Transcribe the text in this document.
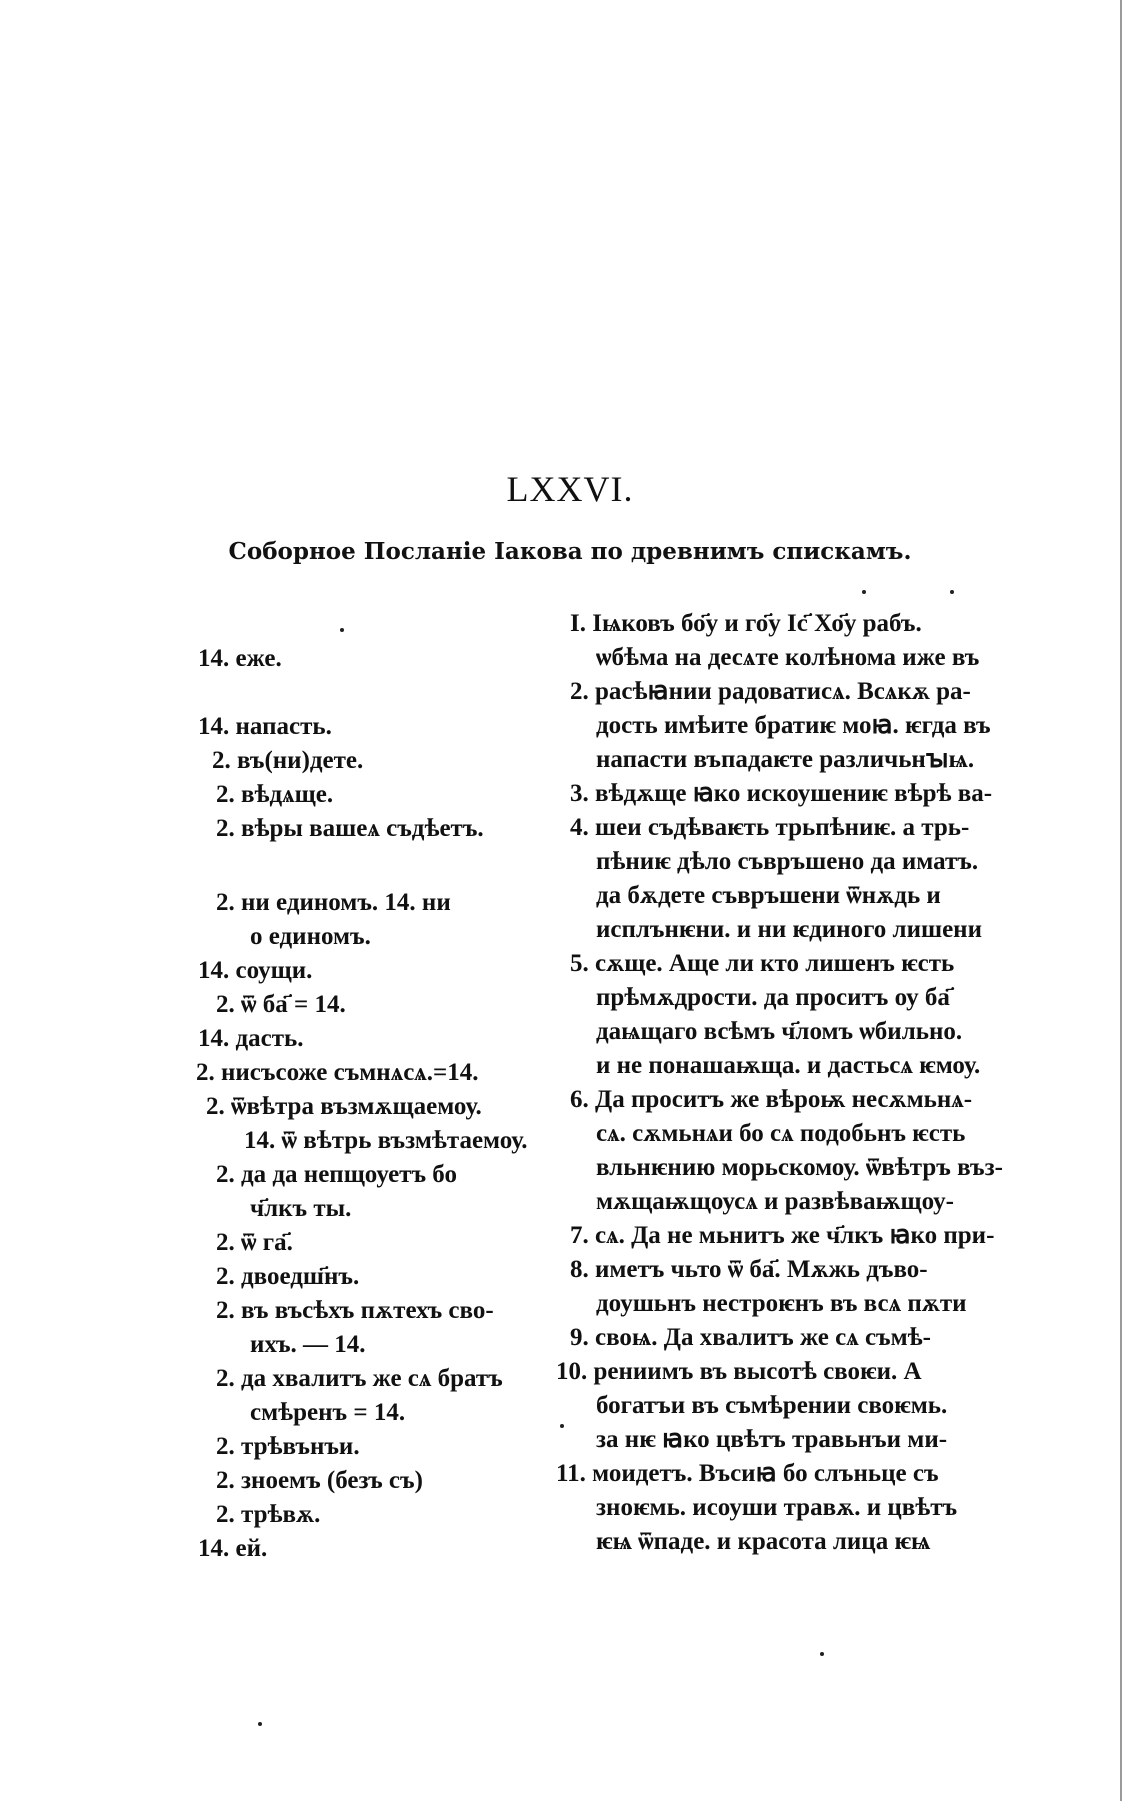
LXXVI.
Соборное Посланіе Іакова по древнимъ спискамъ.
14. еже.
14. напасть.
2. въ(ни)дете.
2. вѣдѧще.
2. вѣры вашеѧ съдѣетъ.
2. ни единомъ. 14. ни
о единомъ.
14. соущи.
2. ѿ ба҃ = 14.
14. дасть.
2. нисъсоже съмнѧсѧ.=14.
2. ѿвѣтра възмѫщаемоу.
14. ѿ вѣтрь възмѣтаемоу.
2. да да непщоуетъ бо
ч҃лкъ ты.
2. ѿ га҃.
2. двоедш҃нъ.
2. въ въсѣхъ пѫтехъ сво-
ихъ. — 14.
2. да хвалитъ же сѧ братъ
смѣренъ = 14.
2. трѣвънъи.
2. зноемъ (безъ съ)
2. трѣвѫ.
14. ей.
I. Іѩковъ бо҃у и го҃у Іс҃ Хо҃у рабъ.
ѡбѣма на десѧте колѣнома иже въ
2. расѣꙗнии радоватисѧ. Всѧкѫ ра-
дость имѣите братиѥ моꙗ. ѥгда въ
напасти въпадаѥте различьнꙑѩ.
3. вѣдѫще ꙗко искоушениѥ вѣрѣ ва-
4. шеи съдѣваѥть трьпѣниѥ. а трь-
пѣниѥ дѣло съвръшено да иматъ.
да бѫдете съвръшени ѿнѫдь и
исплънѥни. и ни ѥдиного лишени
5. сѫще. Аще ли кто лишенъ ѥсть
прѣмѫдрости. да проситъ оу ба҃
даѩщаго всѣмъ ч҃ломъ ѡбильно.
и не понашаѭща. и дастьсѧ ѥмоу.
6. Да проситъ же вѣроѭ несѫмьнѧ-
сѧ. сѫмьнѧи бо сѧ подобьнъ ѥсть
вльнѥнию морьскомоу. ѿвѣтръ въз-
мѫщаѭщоусѧ и развѣваѭщоу-
7. сѧ. Да не мьнитъ же ч҃лкъ ꙗко при-
8. иметъ чьто ѿ ба҃. Мѫжь дъво-
доушьнъ нестроѥнъ въ всѧ пѫти
9. своѩ. Да хвалитъ же сѧ съмѣ-
10. рениимъ въ высотѣ своѥи. А
богатъи въ съмѣрении своѥмь.
за нѥ ꙗко цвѣтъ травьнъи ми-
11. моидетъ. Въсиꙗ бо слъньце съ
зноѥмь. исоуши травѫ. и цвѣтъ
ѥѩ ѿпаде. и красота лица ѥѩ
